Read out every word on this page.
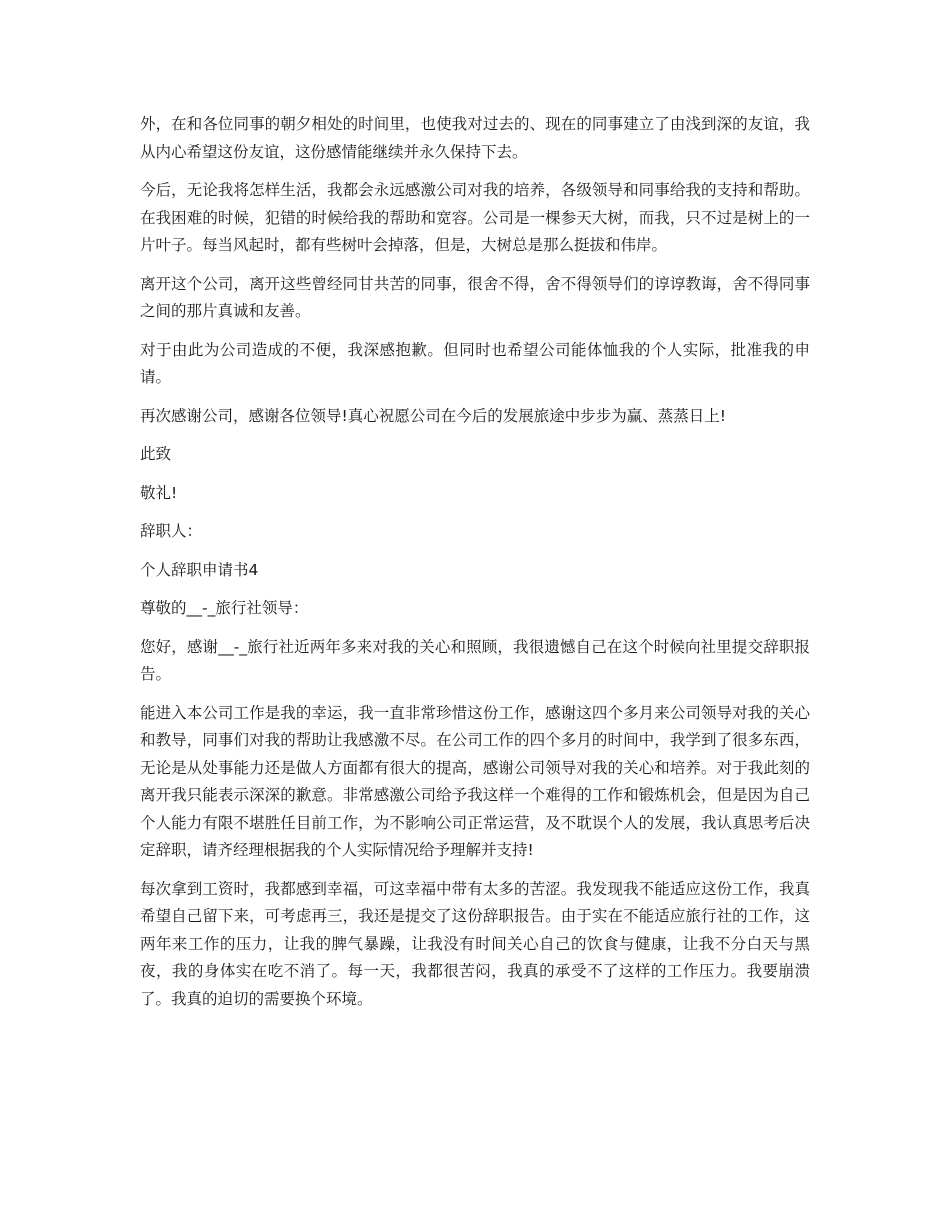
外，在和各位同事的朝夕相处的时间里，也使我对过去的、现在的同事建立了由浅到深的友谊，我从内心希望这份友谊，这份感情能继续并永久保持下去。

今后，无论我将怎样生活，我都会永远感激公司对我的培养，各级领导和同事给我的支持和帮助。在我困难的时候，犯错的时候给我的帮助和宽容。公司是一棵参天大树，而我，只不过是树上的一片叶子。每当风起时，都有些树叶会掉落，但是，大树总是那么挺拔和伟岸。

离开这个公司，离开这些曾经同甘共苦的同事，很舍不得，舍不得领导们的谆谆教诲，舍不得同事之间的那片真诚和友善。

对于由此为公司造成的不便，我深感抱歉。但同时也希望公司能体恤我的个人实际，批准我的申请。

再次感谢公司，感谢各位领导!真心祝愿公司在今后的发展旅途中步步为赢、蒸蒸日上!

此致

敬礼!

辞职人：

个人辞职申请书4

尊敬的__-_旅行社领导：

您好，感谢__-_旅行社近两年多来对我的关心和照顾，我很遗憾自己在这个时候向社里提交辞职报告。

能进入本公司工作是我的幸运，我一直非常珍惜这份工作，感谢这四个多月来公司领导对我的关心和教导，同事们对我的帮助让我感激不尽。在公司工作的四个多月的时间中，我学到了很多东西，无论是从处事能力还是做人方面都有很大的提高，感谢公司领导对我的关心和培养。对于我此刻的离开我只能表示深深的歉意。非常感激公司给予我这样一个难得的工作和锻炼机会，但是因为自己个人能力有限不堪胜任目前工作，为不影响公司正常运营，及不耽误个人的发展，我认真思考后决定辞职，请齐经理根据我的个人实际情况给予理解并支持!

每次拿到工资时，我都感到幸福，可这幸福中带有太多的苦涩。我发现我不能适应这份工作，我真希望自己留下来，可考虑再三，我还是提交了这份辞职报告。由于实在不能适应旅行社的工作，这两年来工作的压力，让我的脾气暴躁，让我没有时间关心自己的饮食与健康，让我不分白天与黑夜，我的身体实在吃不消了。每一天，我都很苦闷，我真的承受不了这样的工作压力。我要崩溃了。我真的迫切的需要换个环境。
